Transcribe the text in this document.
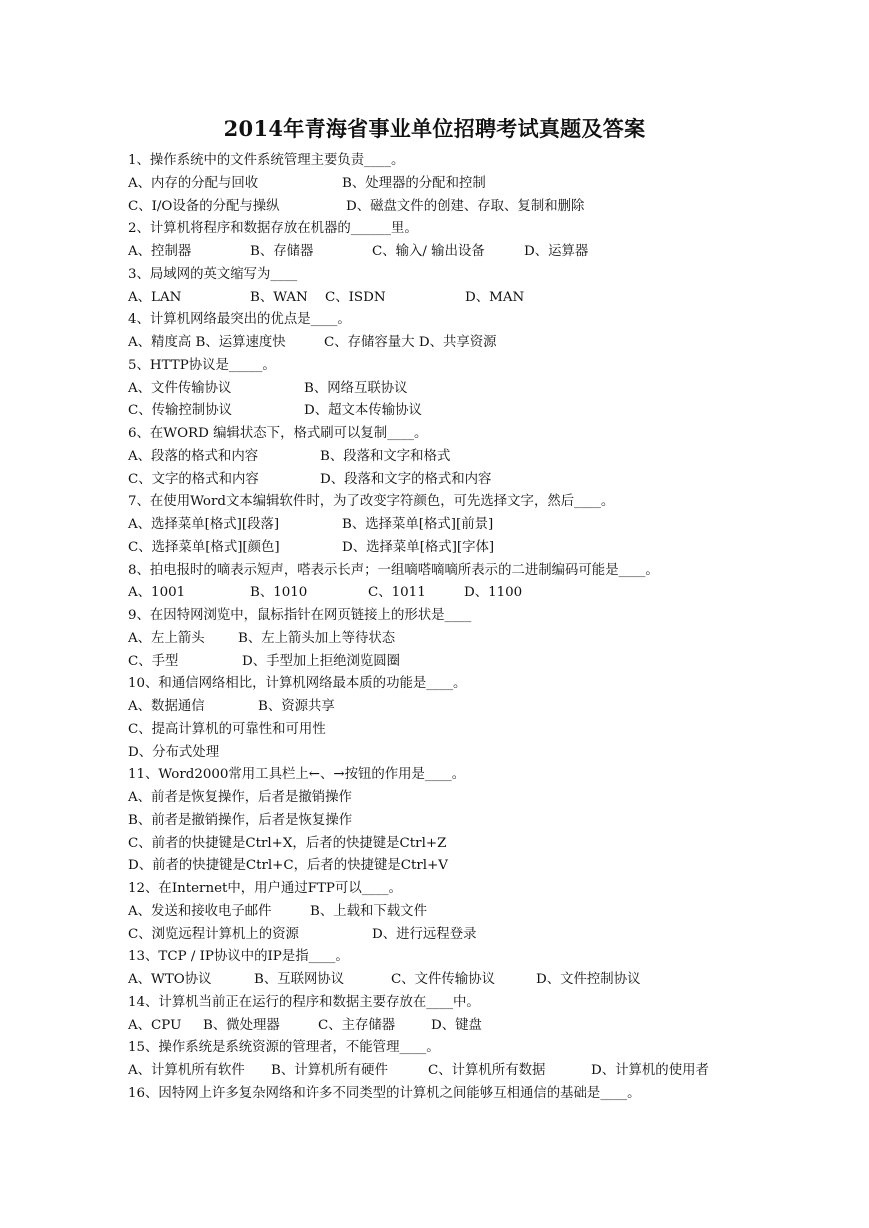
2014年青海省事业单位招聘考试真题及答案
1、操作系统中的文件系统管理主要负责____。
A、内存的分配与回收	B、处理器的分配和控制
C、I/O设备的分配与操纵	D、磁盘文件的创建、存取、复制和删除
2、计算机将程序和数据存放在机器的______里。
A、控制器	B、存储器	C、输入/ 输出设备	D、运算器
3、局域网的英文缩写为____
A、LAN	B、WAN C、ISDN	D、MAN
4、计算机网络最突出的优点是____。
A、精度高 B、运算速度快	C、存储容量大 D、共享资源
5、HTTP协议是_____。
A、文件传输协议	B、网络互联协议
C、传输控制协议	D、超文本传输协议
6、在WORD 编辑状态下，格式刷可以复制____。
A、段落的格式和内容	B、段落和文字和格式
C、文字的格式和内容	D、段落和文字的格式和内容
7、在使用Word文本编辑软件时，为了改变字符颜色，可先选择文字，然后____。
A、选择菜单[格式][段落]	B、选择菜单[格式][前景]
C、选择菜单[格式][颜色]	D、选择菜单[格式][字体]
8、拍电报时的嘀表示短声，嗒表示长声；一组嘀嗒嘀嘀所表示的二进制编码可能是____。
A、1001	B、1010	C、1011	D、1100
9、在因特网浏览中，鼠标指针在网页链接上的形状是____
A、左上箭头 B、左上箭头加上等待状态
C、手型	D、手型加上拒绝浏览圆圈
10、和通信网络相比，计算机网络最本质的功能是____。
A、数据通信	B、资源共享
C、提高计算机的可靠性和可用性
D、分布式处理
11、Word2000常用工具栏上←、→按钮的作用是____。
A、前者是恢复操作，后者是撤销操作
B、前者是撤销操作，后者是恢复操作
C、前者的快捷键是Ctrl+X，后者的快捷键是Ctrl+Z
D、前者的快捷键是Ctrl+C，后者的快捷键是Ctrl+V
12、在Internet中，用户通过FTP可以____。
A、发送和接收电子邮件	B、上载和下载文件
C、浏览远程计算机上的资源	D、进行远程登录
13、TCP / IP协议中的IP是指____。
A、WTO协议	B、互联网协议	C、文件传输协议	D、文件控制协议
14、计算机当前正在运行的程序和数据主要存放在____中。
A、CPU B、微处理器	C、主存储器	D、键盘
15、操作系统是系统资源的管理者，不能管理____。
A、计算机所有软件 B、计算机所有硬件	C、计算机所有数据	D、计算机的使用者
16、因特网上许多复杂网络和许多不同类型的计算机之间能够互相通信的基础是____。
